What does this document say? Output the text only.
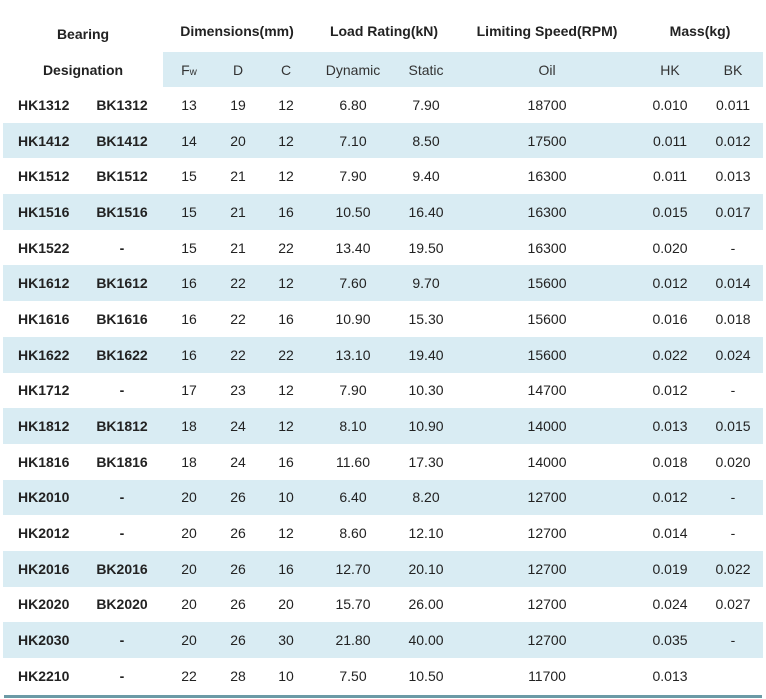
Bearing		Dimensions(mm)			Load Rating(kN)		Limiting Speed(RPM)	Mass(kg)	
Designation		Fw	D	C	Dynamic	Static	Oil	HK	BK
HK1312	BK1312	13	19	12	6.80	7.90	18700	0.010	0.011
HK1412	BK1412	14	20	12	7.10	8.50	17500	0.011	0.012
HK1512	BK1512	15	21	12	7.90	9.40	16300	0.011	0.013
HK1516	BK1516	15	21	16	10.50	16.40	16300	0.015	0.017
HK1522	-	15	21	22	13.40	19.50	16300	0.020	-
HK1612	BK1612	16	22	12	7.60	9.70	15600	0.012	0.014
HK1616	BK1616	16	22	16	10.90	15.30	15600	0.016	0.018
HK1622	BK1622	16	22	22	13.10	19.40	15600	0.022	0.024
HK1712	-	17	23	12	7.90	10.30	14700	0.012	-
HK1812	BK1812	18	24	12	8.10	10.90	14000	0.013	0.015
HK1816	BK1816	18	24	16	11.60	17.30	14000	0.018	0.020
HK2010	-	20	26	10	6.40	8.20	12700	0.012	-
HK2012	-	20	26	12	8.60	12.10	12700	0.014	-
HK2016	BK2016	20	26	16	12.70	20.10	12700	0.019	0.022
HK2020	BK2020	20	26	20	15.70	26.00	12700	0.024	0.027
HK2030	-	20	26	30	21.80	40.00	12700	0.035	-
HK2210	-	22	28	10	7.50	10.50	11700	0.013	
